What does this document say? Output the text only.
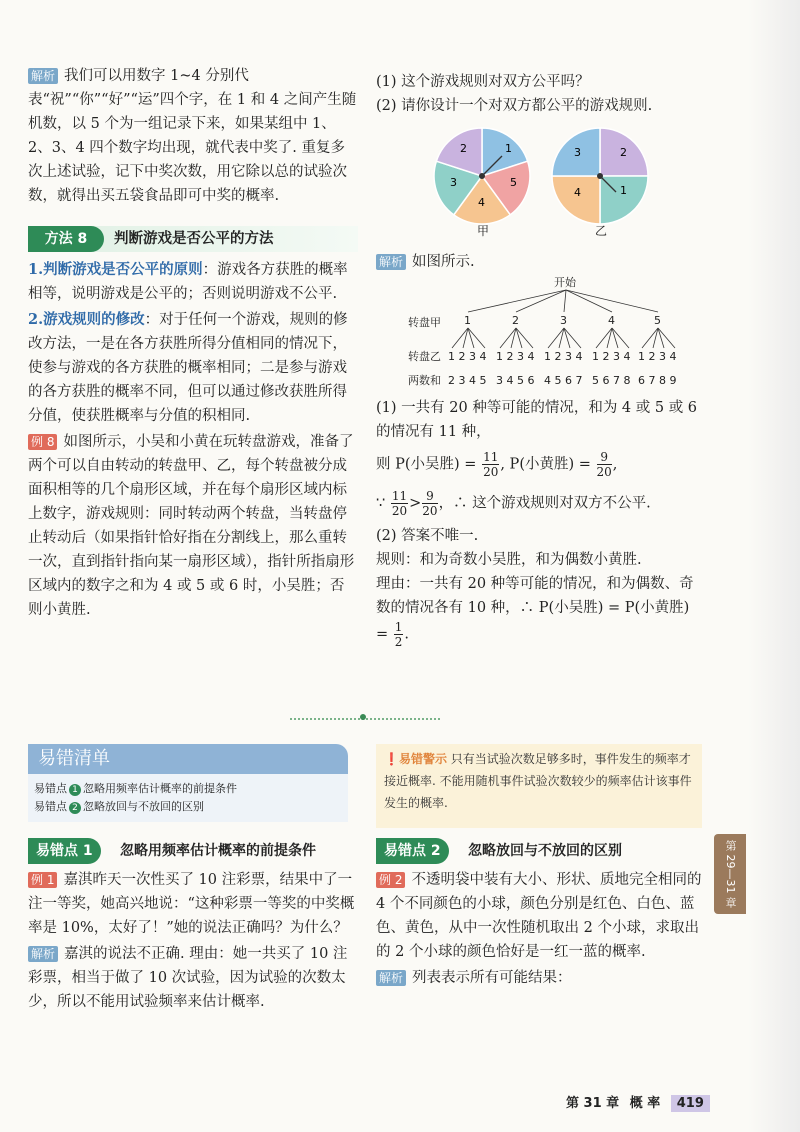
解析 我们可以用数字 1~4 分别代表“祝”“你”“好”“运”四个字，在 1 和 4 之间产生随机数，以 5 个为一组记录下来，如果某组中 1、2、3、4 四个数字均出现，就代表中奖了. 重复多次上述试验，记下中奖次数，用它除以总的试验次数，就得出买五袋食品即可中奖的概率.

方法 8	判断游戏是否公平的方法

1.判断游戏是否公平的原则：游戏各方获胜的概率相等，说明游戏是公平的；否则说明游戏不公平.

2.游戏规则的修改：对于任何一个游戏，规则的修改方法，一是在各方获胜所得分值相同的情况下，使参与游戏的各方获胜的概率相同；二是参与游戏的各方获胜的概率不同，但可以通过修改获胜所得分值，使获胜概率与分值的积相同.

例 8 如图所示，小吴和小黄在玩转盘游戏，准备了两个可以自由转动的转盘甲、乙，每个转盘被分成面积相等的几个扇形区域，并在每个扇形区域内标上数字，游戏规则：同时转动两个转盘，当转盘停止转动后（如果指针恰好指在分割线上，那么重转一次，直到指针指向某一扇形区域），指针所指扇形区域内的数字之和为 4 或 5 或 6 时，小吴胜；否则小黄胜.

(1) 这个游戏规则对双方公平吗？
(2) 请你设计一个对双方都公平的游戏规则.
1
2
3
4
5
1
2
3
4
甲	乙
解析 如图所示.
开始
转盘甲 1	2	3	4	5
转盘乙 1 2 3 4 1 2 3 4 1 2 3 4 1 2 3 4 1 2 3 4
两数和 2 3 4 5 3 4 5 6 4 5 6 7 5 6 7 8 6 7 8 9
(1) 一共有 20 种等可能的情况，和为 4 或 5 或 6 的情况有 11 种，
则 P(小吴胜) = $\frac{11}{20}$ , P(小黄胜) = $\frac{9}{20}$ ,
∵ $\frac{11}{20} > \frac{9}{20}$ ，∴ 这个游戏规则对双方不公平.
(2) 答案不唯一.
规则：和为奇数小吴胜，和为偶数小黄胜.
理由：一共有 20 种等可能的情况，和为偶数、奇数的情况各有 10 种，∴ P(小吴胜) = P(小黄胜)
= $\frac{1}{2}$ .
易错清单
易错点 1 忽略用频率估计概率的前提条件
易错点 2 忽略放回与不放回的区别
❗易错警示 只有当试验次数足够多时，事件发生的频率才接近概率. 不能用随机事件试验次数较少的频率估计该事件发生的概率.
易错点 1	忽略用频率估计概率的前提条件

例 1 嘉淇昨天一次性买了 10 注彩票，结果中了一注一等奖，她高兴地说：“这种彩票一等奖的中奖概率是 10%，太好了！”她的说法正确吗？为什么？

解析 嘉淇的说法不正确. 理由：她一共买了 10 注彩票，相当于做了 10 次试验，因为试验的次数太少，所以不能用试验频率来估计概率.

易错点 2	忽略放回与不放回的区别

例 2 不透明袋中装有大小、形状、质地完全相同的 4 个不同颜色的小球，颜色分别是红色、白色、蓝色、黄色，从中一次性随机取出 2 个小球，求取出的 2 个小球的颜色恰好是一红一蓝的概率.

解析 列表表示所有可能结果：

第 29—31 章
第 31 章 概 率 419
